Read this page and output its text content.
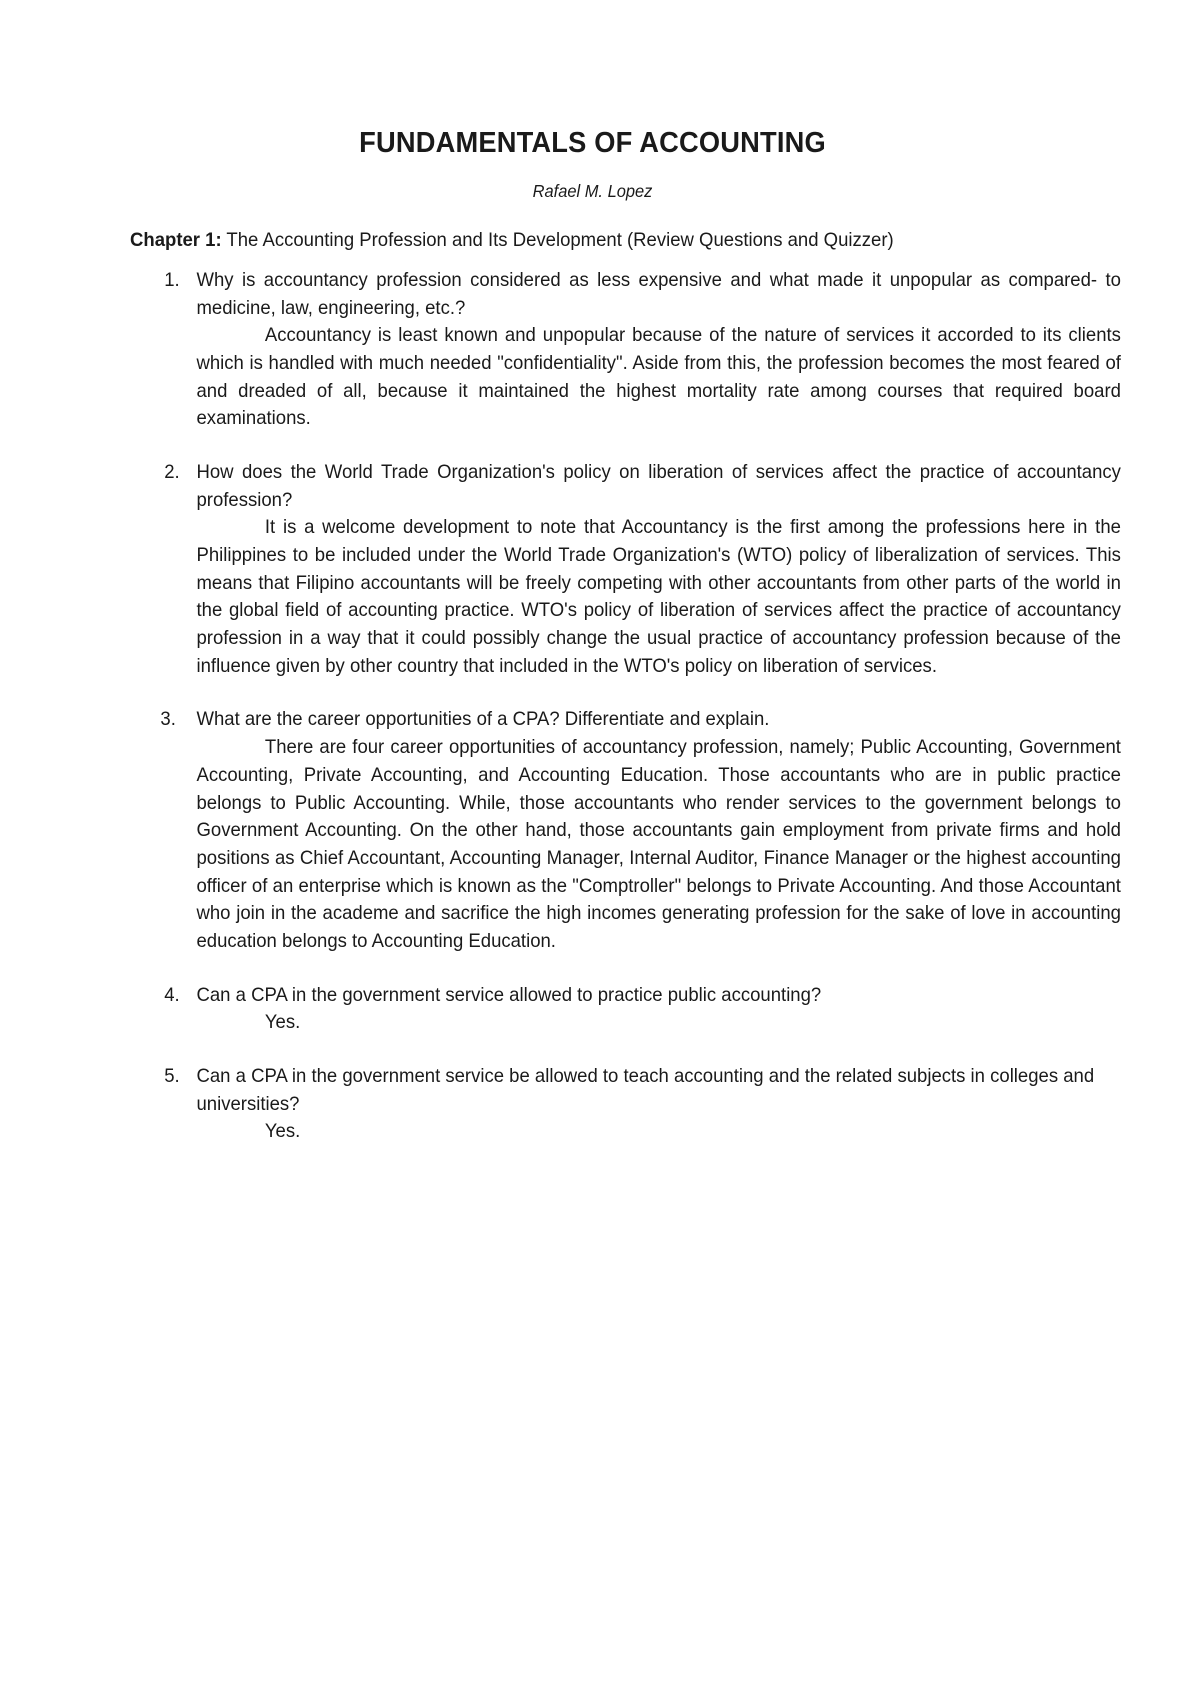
FUNDAMENTALS OF ACCOUNTING
Rafael M. Lopez

Chapter 1: The Accounting Profession and Its Development (Review Questions and Quizzer)

1. Why is accountancy profession considered as less expensive and what made it unpopular as compared- to medicine, law, engineering, etc.?

Accountancy is least known and unpopular because of the nature of services it accorded to its clients which is handled with much needed "confidentiality". Aside from this, the profession becomes the most feared of and dreaded of all, because it maintained the highest mortality rate among courses that required board examinations.

2. How does the World Trade Organization's policy on liberation of services affect the practice of accountancy profession?

It is a welcome development to note that Accountancy is the first among the professions here in the Philippines to be included under the World Trade Organization's (WTO) policy of liberalization of services. This means that Filipino accountants will be freely competing with other accountants from other parts of the world in the global field of accounting practice. WTO's policy of liberation of services affect the practice of accountancy profession in a way that it could possibly change the usual practice of accountancy profession because of the influence given by other country that included in the WTO's policy on liberation of services.

3.	What are the career opportunities of a CPA? Differentiate and explain.

There are four career opportunities of accountancy profession, namely; Public Accounting, Government Accounting, Private Accounting, and Accounting Education. Those accountants who are in public practice belongs to Public Accounting. While, those accountants who render services to the government belongs to Government Accounting. On the other hand, those accountants gain employment from private firms and hold positions as Chief Accountant, Accounting Manager, Internal Auditor, Finance Manager or the highest accounting officer of an enterprise which is known as the "Comptroller" belongs to Private Accounting. And those Accountant who join in the academe and sacrifice the high incomes generating profession for the sake of love in accounting education belongs to Accounting Education.

4. Can a CPA in the government service allowed to practice public accounting?

Yes.

5. Can a CPA in the government service be allowed to teach accounting and the related subjects in colleges and universities?

Yes.
